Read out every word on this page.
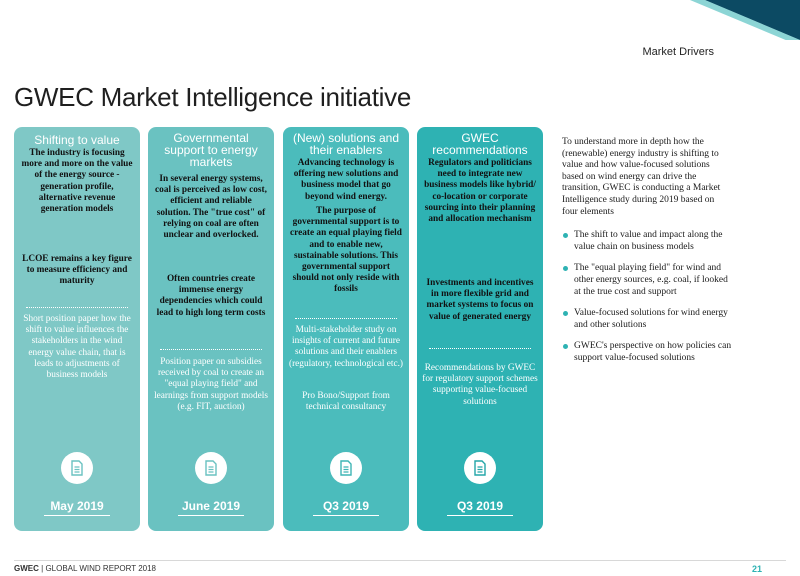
Market Drivers
GWEC Market Intelligence initiative
Shifting to value
The industry is focusing more and more on the value of the energy source - generation profile, alternative revenue generation models
LCOE remains a key figure to measure efficiency and maturity
Short position paper how the shift to value influences the stakeholders in the wind energy value chain, that is leads to adjustments of business models
May 2019
Governmental support to energy markets
In several energy systems, coal is perceived as low cost, efficient and reliable solution. The "true cost" of relying on coal are often unclear and overlocked.
Often countries create immense energy dependencies which could lead to high long term costs
Position paper on subsidies received by coal to create an "equal playing field" and learnings from support models (e.g. FIT, auction)
June 2019
(New) solutions and their enablers
Advancing technology is offering new solutions and business model that go beyond wind energy.
The purpose of governmental support is to create an equal playing field and to enable new, sustainable solutions. This governmental support should not only reside with fossils
Multi-stakeholder study on insights of current and future solutions and their enablers (regulatory, technological etc.)
Pro Bono/Support from technical consultancy
Q3 2019
GWEC recommendations
Regulators and politicians need to integrate new business models like hybrid/ co-location or corporate sourcing into their planning and allocation mechanism
Investments and incentives in more flexible grid and market systems to focus on value of generated energy
Recommendations by GWEC for regulatory support schemes supporting value-focused solutions
Q3 2019

To understand more in depth how the (renewable) energy industry is shifting to value and how value-focused solutions based on wind energy can drive the transition, GWEC is conducting a Market Intelligence study during 2019 based on four elements

The shift to value and impact along the value chain on business models
The "equal playing field" for wind and other energy sources, e.g. coal, if looked at the true cost and support
Value-focused solutions for wind energy and other solutions
GWEC's perspective on how policies can support value-focused solutions
GWEC | GLOBAL WIND REPORT 2018	21
